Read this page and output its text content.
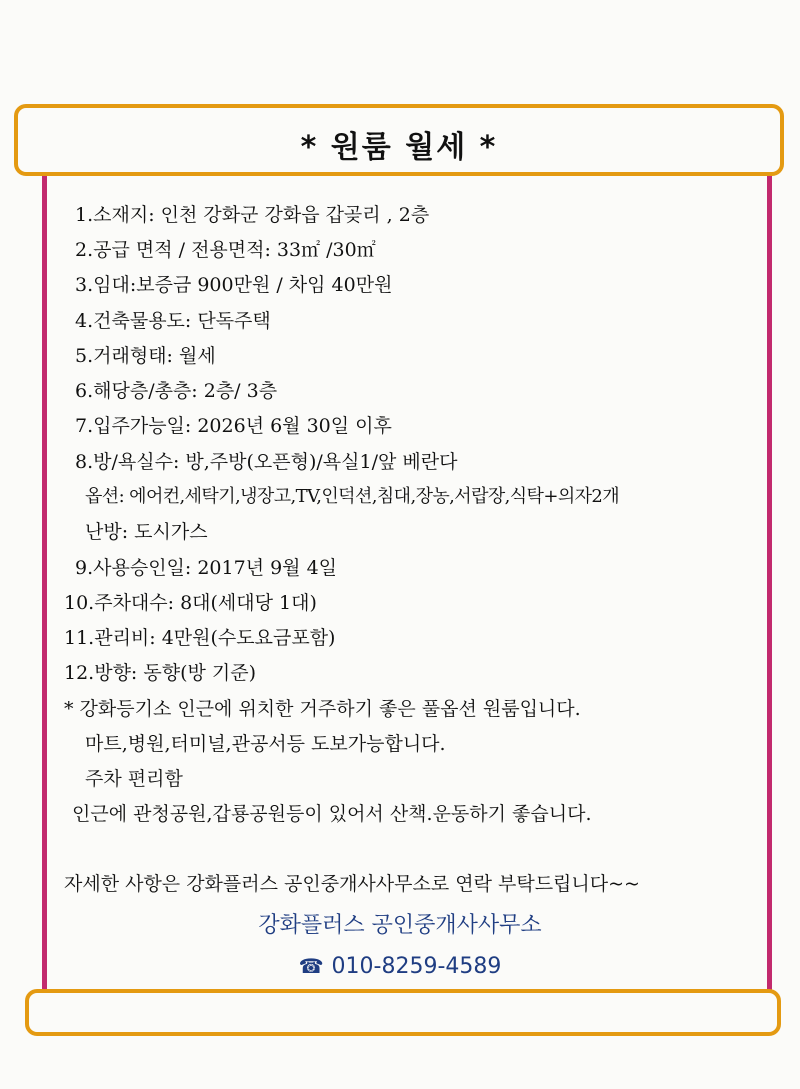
* 원룸 월세 *
1.소재지: 인천 강화군 강화읍 갑곶리 , 2층
2.공급 면적 / 전용면적: 33㎡ /30㎡
3.임대:보증금 900만원 / 차임 40만원
4.건축물용도: 단독주택
5.거래형태: 월세
6.해당층/총층: 2층/ 3층
7.입주가능일: 2026년 6월 30일 이후
8.방/욕실수: 방,주방(오픈형)/욕실1/앞 베란다
옵션: 에어컨,세탁기,냉장고,TV,인덕션,침대,장농,서랍장,식탁+의자2개
난방: 도시가스
9.사용승인일: 2017년 9월 4일
10.주차대수: 8대(세대당 1대)
11.관리비: 4만원(수도요금포함)
12.방향: 동향(방 기준)
* 강화등기소 인근에 위치한 거주하기 좋은 풀옵션 원룸입니다.
마트,병원,터미널,관공서등 도보가능합니다.
주차 편리함
인근에 관청공원,갑룡공원등이 있어서 산책.운동하기 좋습니다.
자세한 사항은 강화플러스 공인중개사사무소로 연락 부탁드립니다~~
강화플러스 공인중개사사무소
☎ 010-8259-4589
